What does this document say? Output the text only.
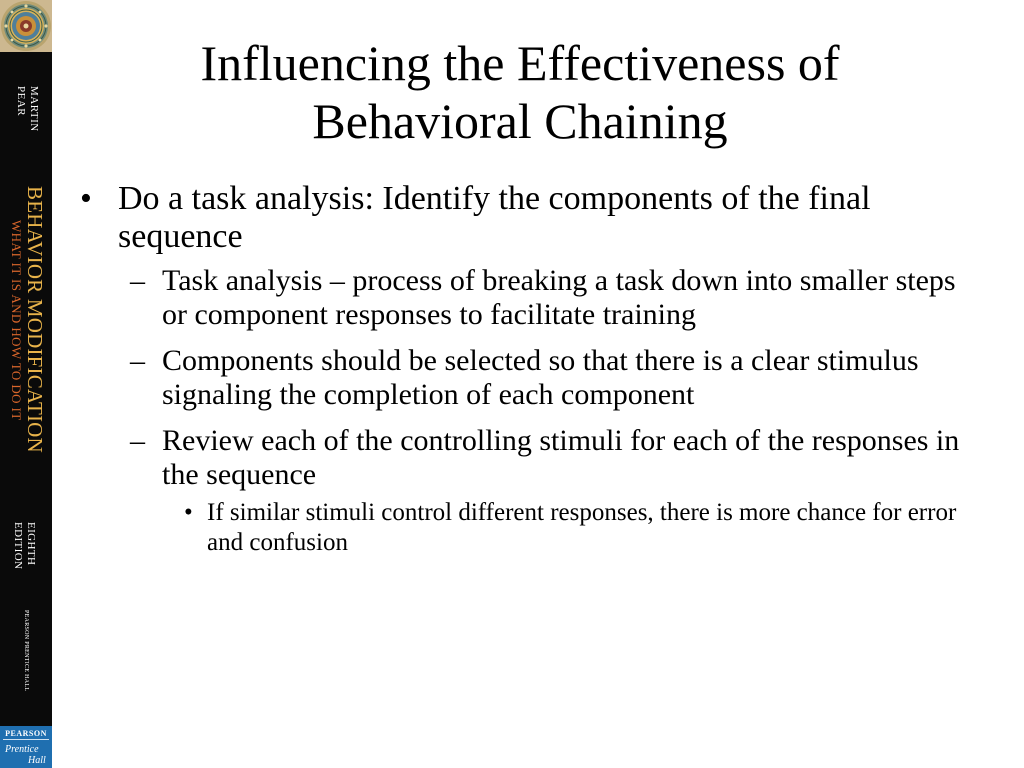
MARTIN
PEAR
BEHAVIOR MODIFICATION
WHAT IT IS AND HOW TO DO IT
EIGHTH
EDITION
PEARSON PRENTICE HALL
PEARSON
Prentice
Hall
Influencing the Effectiveness of
Behavioral Chaining
• Do a task analysis: Identify the components of the final sequence
– Task analysis – process of breaking a task down into smaller steps or component responses to facilitate training
– Components should be selected so that there is a clear stimulus signaling the completion of each component
– Review each of the controlling stimuli for each of the responses in the sequence
• If similar stimuli control different responses, there is more chance for error and confusion
